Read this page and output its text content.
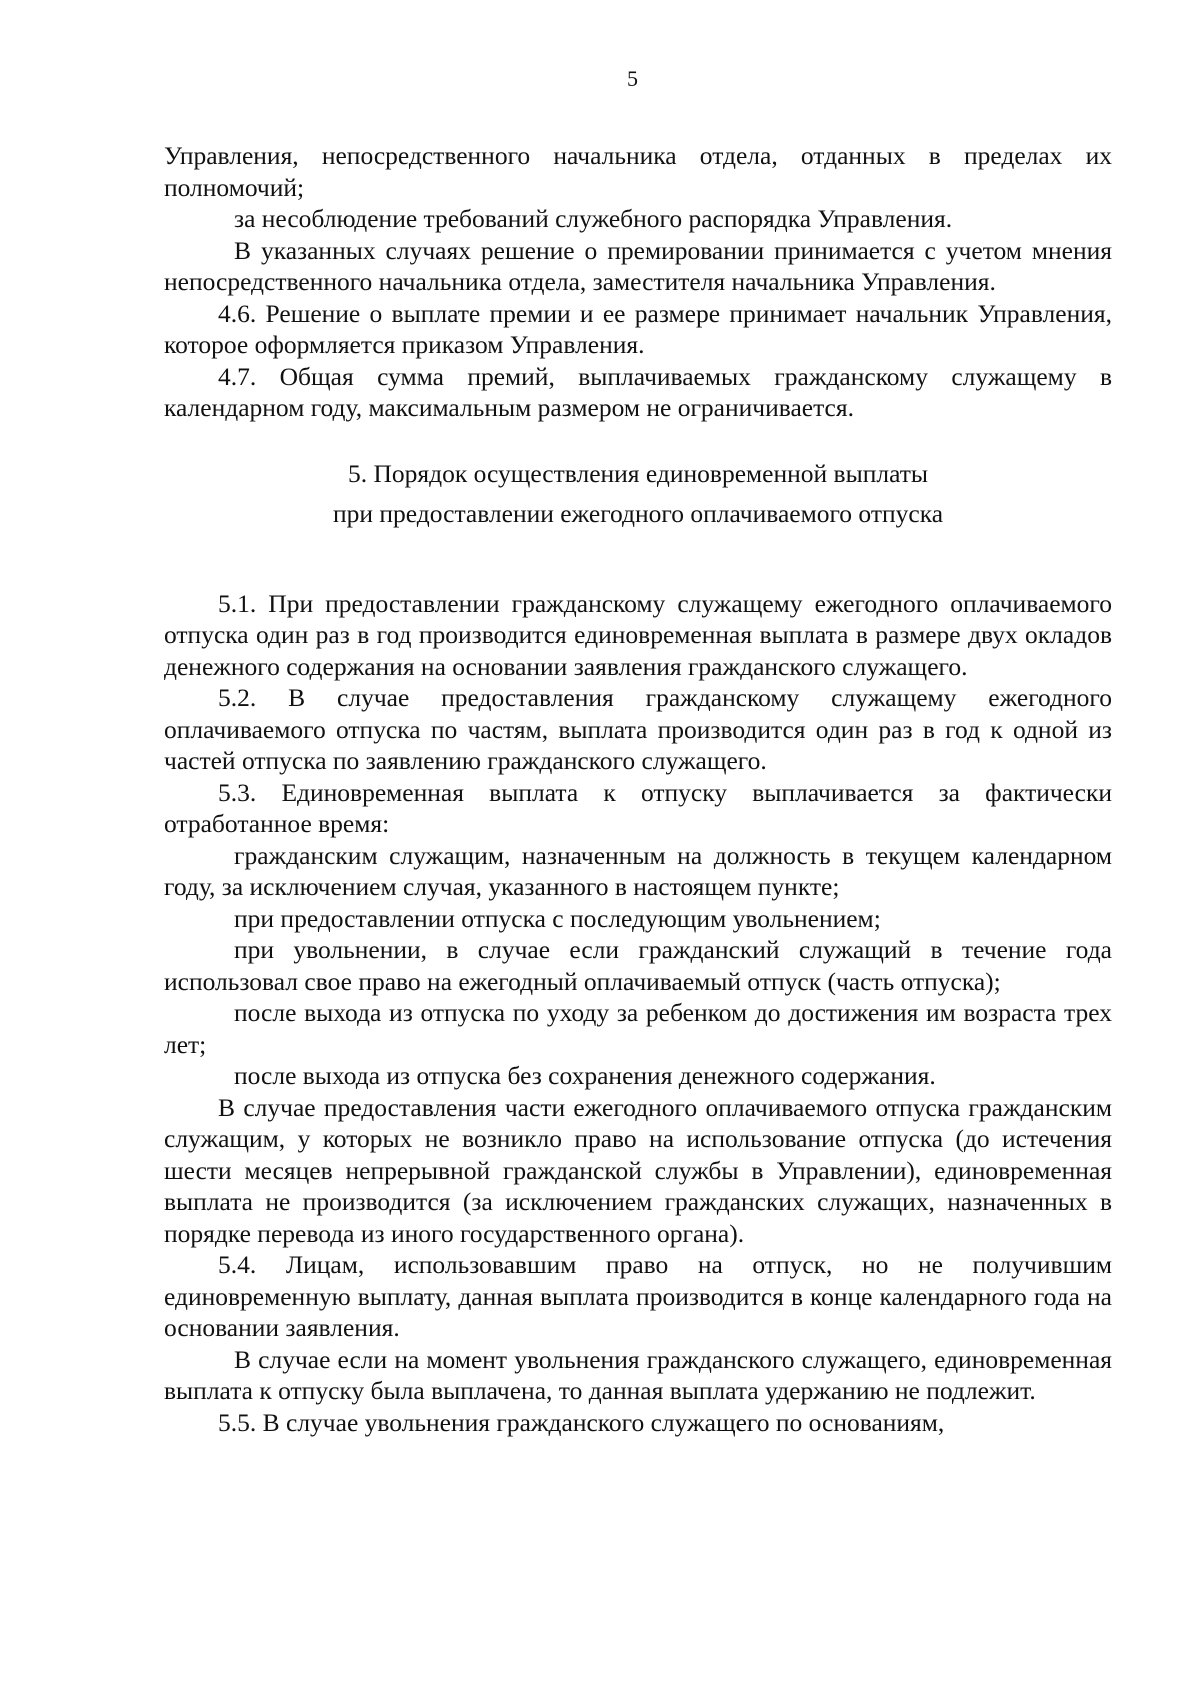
5

Управления, непосредственного начальника отдела, отданных в пределах их полномочий;

за несоблюдение требований служебного распорядка Управления.

В указанных случаях решение о премировании принимается с учетом мнения непосредственного начальника отдела, заместителя начальника Управления.

4.6. Решение о выплате премии и ее размере принимает начальник Управления, которое оформляется приказом Управления.

4.7. Общая сумма премий, выплачиваемых гражданскому служащему в календарном году, максимальным размером не ограничивается.

5. Порядок осуществления единовременной выплаты
при предоставлении ежегодного оплачиваемого отпуска

5.1. При предоставлении гражданскому служащему ежегодного оплачиваемого отпуска один раз в год производится единовременная выплата в размере двух окладов денежного содержания на основании заявления гражданского служащего.

5.2. В случае предоставления гражданскому служащему ежегодного оплачиваемого отпуска по частям, выплата производится один раз в год к одной из частей отпуска по заявлению гражданского служащего.

5.3. Единовременная выплата к отпуску выплачивается за фактически отработанное время:

гражданским служащим, назначенным на должность в текущем календарном году, за исключением случая, указанного в настоящем пункте;

при предоставлении отпуска с последующим увольнением;

при увольнении, в случае если гражданский служащий в течение года использовал свое право на ежегодный оплачиваемый отпуск (часть отпуска);

после выхода из отпуска по уходу за ребенком до достижения им возраста трех лет;

после выхода из отпуска без сохранения денежного содержания.

В случае предоставления части ежегодного оплачиваемого отпуска гражданским служащим, у которых не возникло право на использование отпуска (до истечения шести месяцев непрерывной гражданской службы в Управлении), единовременная выплата не производится (за исключением гражданских служащих, назначенных в порядке перевода из иного государственного органа).

5.4. Лицам, использовавшим право на отпуск, но не получившим единовременную выплату, данная выплата производится в конце календарного года на основании заявления.

В случае если на момент увольнения гражданского служащего, единовременная выплата к отпуску была выплачена, то данная выплата удержанию не подлежит.

5.5. В случае увольнения гражданского служащего по основаниям,
